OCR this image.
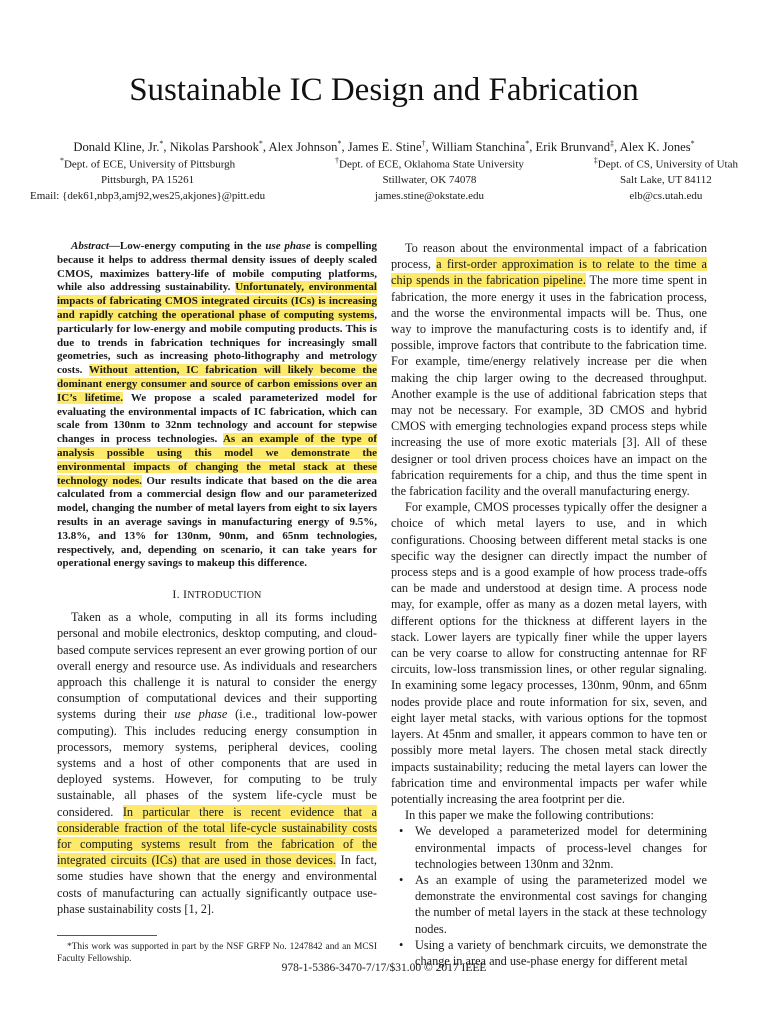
Sustainable IC Design and Fabrication
Donald Kline, Jr.*, Nikolas Parshook*, Alex Johnson*, James E. Stine†, William Stanchina*, Erik Brunvand‡, Alex K. Jones*
*Dept. of ECE, University of Pittsburgh
Pittsburgh, PA 15261
Email: {dek61,nbp3,amj92,wes25,akjones}@pitt.edu
†Dept. of ECE, Oklahoma State University
Stillwater, OK 74078
james.stine@okstate.edu
‡Dept. of CS, University of Utah
Salt Lake, UT 84112
elb@cs.utah.edu

Abstract—Low-energy computing in the use phase is compelling because it helps to address thermal density issues of deeply scaled CMOS, maximizes battery-life of mobile computing platforms, while also addressing sustainability. Unfortunately, environmental impacts of fabricating CMOS integrated circuits (ICs) is increasing and rapidly catching the operational phase of computing systems, particularly for low-energy and mobile computing products. This is due to trends in fabrication techniques for increasingly small geometries, such as increasing photo-lithography and metrology costs. Without attention, IC fabrication will likely become the dominant energy consumer and source of carbon emissions over an IC’s lifetime. We propose a scaled parameterized model for evaluating the environmental impacts of IC fabrication, which can scale from 130nm to 32nm technology and account for stepwise changes in process technologies. As an example of the type of analysis possible using this model we demonstrate the environmental impacts of changing the metal stack at these technology nodes. Our results indicate that based on the die area calculated from a commercial design flow and our parameterized model, changing the number of metal layers from eight to six layers results in an average savings in manufacturing energy of 9.5%, 13.8%, and 13% for 130nm, 90nm, and 65nm technologies, respectively, and, depending on scenario, it can take years for operational energy savings to makeup this difference.

I. INTRODUCTION

Taken as a whole, computing in all its forms including personal and mobile electronics, desktop computing, and cloud-based compute services represent an ever growing portion of our overall energy and resource use. As individuals and researchers approach this challenge it is natural to consider the energy consumption of computational devices and their supporting systems during their use phase (i.e., traditional low-power computing). This includes reducing energy consumption in processors, memory systems, peripheral devices, cooling systems and a host of other components that are used in deployed systems. However, for computing to be truly sustainable, all phases of the system life-cycle must be considered. In particular there is recent evidence that a considerable fraction of the total life-cycle sustainability costs for computing systems result from the fabrication of the integrated circuits (ICs) that are used in those devices. In fact, some studies have shown that the energy and environmental costs of manufacturing can actually significantly outpace use-phase sustainability costs [1, 2].

*This work was supported in part by the NSF GRFP No. 1247842 and an MCSI Faculty Fellowship.

To reason about the environmental impact of a fabrication process, a first-order approximation is to relate to the time a chip spends in the fabrication pipeline. The more time spent in fabrication, the more energy it uses in the fabrication process, and the worse the environmental impacts will be. Thus, one way to improve the manufacturing costs is to identify and, if possible, improve factors that contribute to the fabrication time. For example, time/energy relatively increase per die when making the chip larger owing to the decreased throughput. Another example is the use of additional fabrication steps that may not be necessary. For example, 3D CMOS and hybrid CMOS with emerging technologies expand process steps while increasing the use of more exotic materials [3]. All of these designer or tool driven process choices have an impact on the fabrication requirements for a chip, and thus the time spent in the fabrication facility and the overall manufacturing energy.

For example, CMOS processes typically offer the designer a choice of which metal layers to use, and in which configurations. Choosing between different metal stacks is one specific way the designer can directly impact the number of process steps and is a good example of how process trade-offs can be made and understood at design time. A process node may, for example, offer as many as a dozen metal layers, with different options for the thickness at different layers in the stack. Lower layers are typically finer while the upper layers can be very coarse to allow for constructing antennae for RF circuits, low-loss transmission lines, or other regular signaling. In examining some legacy processes, 130nm, 90nm, and 65nm nodes provide place and route information for six, seven, and eight layer metal stacks, with various options for the topmost layers. At 45nm and smaller, it appears common to have ten or possibly more metal layers. The chosen metal stack directly impacts sustainability; reducing the metal layers can lower the fabrication time and environmental impacts per wafer while potentially increasing the area footprint per die.

In this paper we make the following contributions:

• We developed a parameterized model for determining environmental impacts of process-level changes for technologies between 130nm and 32nm.
• As an example of using the parameterized model we demonstrate the environmental cost savings for changing the number of metal layers in the stack at these technology nodes.
• Using a variety of benchmark circuits, we demonstrate the change in area and use-phase energy for different metal
978-1-5386-3470-7/17/$31.00 © 2017 IEEE
